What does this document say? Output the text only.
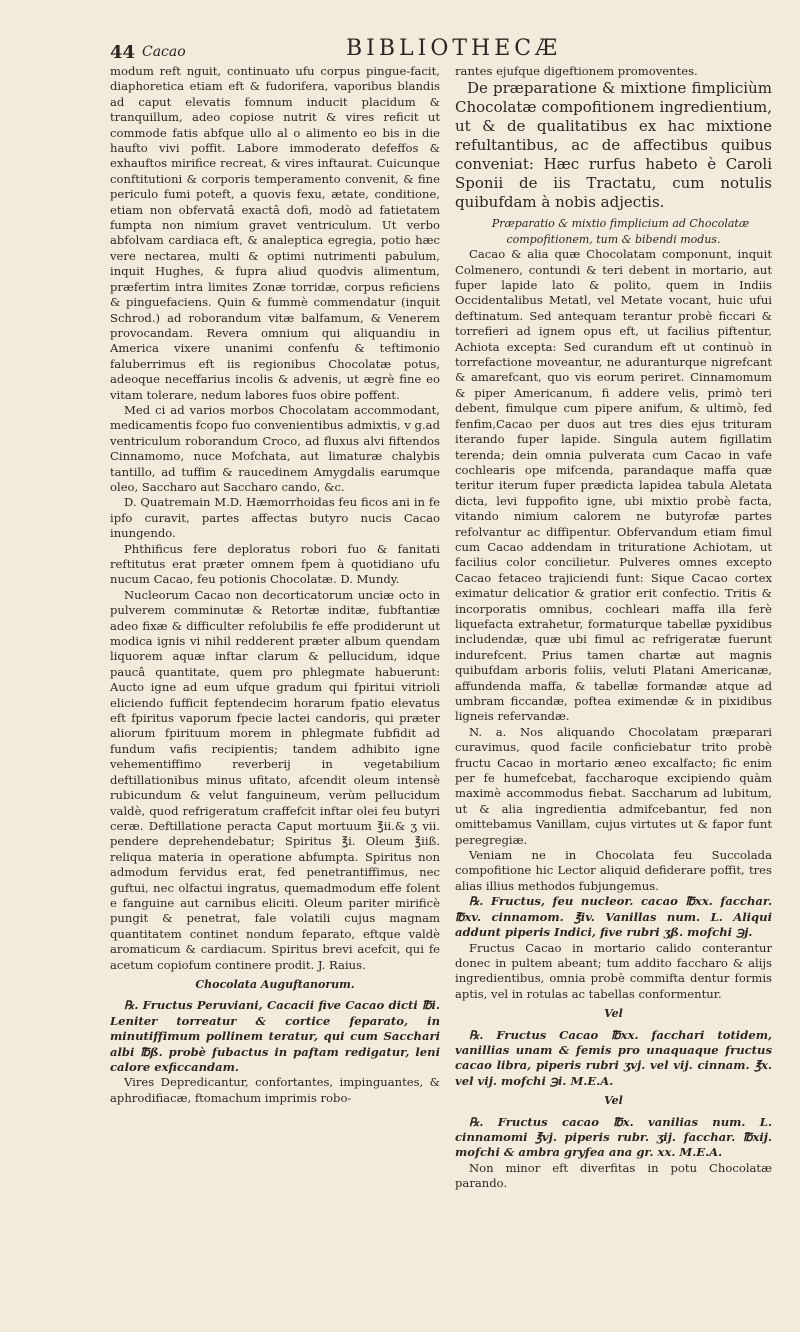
44 Cacao	BIBLIOTHECÆ

modum reft nguit, continuato ufu corpus pingue-facit, diaphoretica etiam eft & fudorifera, vaporibus blandis ad caput elevatis fomnum inducit placidum & tranquillum, adeo copiose nutrit & vires reficit ut commode fatis abfque ullo al o alimento eo bis in die haufto vivi poffit. Labore immoderato defeffos & exhauftos mirifice recreat, & vires inftaurat. Cuicunque conftitutioni & corporis temperamento convenit, & fine periculo fumi poteft, a quovis fexu, ætate, conditione, etiam non obfervatâ exactâ dofi, modò ad fatietatem fumpta non nimium gravet ventriculum. Ut verbo abfolvam cardiaca eft, & analeptica egregia, potio hæc vere nectarea, multi & optimi nutrimenti pabulum, inquit Hughes, & fupra aliud quodvis alimentum, præfertim intra limites Zonæ torridæ, corpus reficiens & pinguefaciens. Quin & fummè commendatur (inquit Schrod.) ad roborandum vitæ balfamum, & Venerem provocandam. Revera omnium qui aliquandiu in America vixere unanimi confenfu & teftimonio faluberrimus eft iis regionibus Chocolatæ potus, adeoque neceffarius incolis & advenis, ut ægrè fine eo vitam tolerare, nedum labores fuos obire poffent.

Med ci ad varios morbos Chocolatam accommodant, medicamentis fcopo fuo convenientibus admixtis, v g.ad ventriculum roborandum Croco, ad fluxus alvi fiftendos Cinnamomo, nuce Mofchata, aut limaturæ chalybis tantillo, ad tuffim & raucedinem Amygdalis earumque oleo, Saccharo aut Saccharo cando, &c.

D. Quatremain M.D. Hæmorrhoidas feu ficos ani in fe ipfo curavit, partes affectas butyro nucis Cacao inungendo.

Phthificus fere deploratus robori fuo & fanitati reftitutus erat præter omnem fpem à quotidiano ufu nucum Cacao, feu potionis Chocolatæ. D. Mundy.

Nucleorum Cacao non decorticatorum unciæ octo in pulverem comminutæ & Retortæ inditæ, fubftantiæ adeo fixæ & difficulter refolubilis fe effe prodiderunt ut modica ignis vi nihil redderent præter album quendam liquorem aquæ inftar clarum & pellucidum, idque paucâ quantitate, quem pro phlegmate habuerunt: Aucto igne ad eum ufque gradum qui fpiritui vitrioli eliciendo fufficit feptendecim horarum fpatio elevatus eft fpiritus vaporum fpecie lactei candoris, qui præter aliorum fpirituum morem in phlegmate fubfidit ad fundum vafis recipientis; tandem adhibito igne vehementiffimo reverberij in vegetabilium deftillationibus minus ufitato, afcendit oleum intensè rubicundum & velut fanguineum, verùm pellucidum valdè, quod refrigeratum craffefcit inftar olei feu butyri ceræ. Deftillatione peracta Caput mortuum ℥ii.& ʒ vii. pendere deprehendebatur; Spiritus ℥i. Oleum ℥iiß. reliqua materia in operatione abfumpta. Spiritus non admodum fervidus erat, fed penetrantiffimus, nec guftui, nec olfactui ingratus, quemadmodum effe folent e fanguine aut carnibus eliciti. Oleum pariter mirificè pungit & penetrat, fale volatili cujus magnam quantitatem continet nondum feparato, eftque valdè aromaticum & cardiacum. Spiritus brevi acefcit, qui fe acetum copiofum continere prodit. J. Raius.

Chocolata Auguftanorum.

℞. Fructus Peruviani, Cacacii five Cacao dicti ℔i. Leniter torreatur & cortice feparato, in minutiffimum pollinem teratur, qui cum Sacchari albi ℔ß. probè fubactus in paftam redigatur, leni calore exficcandam.

Vires Depredicantur, confortantes, impinguantes, & aphrodifiacæ, ftomachum imprimis robo-

rantes ejufque digeftionem promoventes.

De præparatione & mixtione fimpliciùm Chocolatæ compofitionem ingredientium, ut & de qualitatibus ex hac mixtione refultantibus, ac de affectibus quibus conveniat: Hæc rurfus habeto è Caroli Sponii de iis Tractatu, cum notulis quibufdam à nobis adjectis.

Præparatio & mixtio fimplicium ad Chocolatæ compofitionem, tum & bibendi modus.

Cacao & alia quæ Chocolatam componunt, inquit Colmenero, contundi & teri debent in mortario, aut fuper lapide lato & polito, quem in Indiis Occidentalibus Metatl, vel Metate vocant, huic ufui deftinatum. Sed antequam terantur probè ficcari & torrefieri ad ignem opus eft, ut facilius piftentur, Achiota excepta: Sed curandum eft ut continuò in torrefactione moveantur, ne aduranturque nigrefcant & amarefcant, quo vis eorum periret. Cinnamomum & piper Americanum, fi addere velis, primò teri debent, fimulque cum pipere anifum, & ultimò, fed fenfim,Cacao per duos aut tres dies ejus trituram iterando fuper lapide. Singula autem figillatim terenda; dein omnia pulverata cum Cacao in vafe cochlearis ope mifcenda, parandaque maffa quæ teritur iterum fuper prædicta lapidea tabula Aletata dicta, levi fuppofito igne, ubi mixtio probè facta, vitando nimium calorem ne butyrofæ partes refolvantur ac diffipentur. Obfervandum etiam fimul cum Cacao addendam in trituratione Achiotam, ut facilius color concilietur. Pulveres omnes excepto Cacao fetaceo trajiciendi funt: Sique Cacao cortex eximatur delicatior & gratior erit confectio. Tritis & incorporatis omnibus, cochleari maffa illa ferè liquefacta extrahetur, formaturque tabellæ pyxidibus includendæ, quæ ubi fimul ac refrigeratæ fuerunt indurefcent. Prius tamen chartæ aut magnis quibufdam arboris foliis, veluti Platani Americanæ, affundenda maffa, & tabellæ formandæ atque ad umbram ficcandæ, poftea eximendæ & in pixidibus ligneis refervandæ.

N. a. Nos aliquando Chocolatam præparari curavimus, quod facile conficiebatur trito probè fructu Cacao in mortario æneo excalfacto; fic enim per fe humefcebat, faccharoque excipiendo quàm maximè accommodus fiebat. Saccharum ad lubitum, ut & alia ingredientia admifcebantur, fed non omittebamus Vanillam, cujus virtutes ut & fapor funt peregregiæ.

Veniam ne in Chocolata feu Succolada compofitione hic Lector aliquid defiderare poffit, tres alias illius methodos fubjungemus.

℞. Fructus, feu nucleor. cacao ℔xx. facchar. ℔xv. cinnamom. ℥iv. Vanillas num. L. Aliqui addunt piperis Indici, five rubri ʒß. mofchi ℈j.

Fructus Cacao in mortario calido conterantur donec in pultem abeant; tum addito faccharo & alijs ingredientibus, omnia probè commifta dentur formis aptis, vel in rotulas ac tabellas conformentur.

Vel

℞. Fructus Cacao ℔xx. facchari totidem, vanillias unam & femis pro unaquaque fructus cacao libra, piperis rubri ʒvj. vel vij. cinnam. ℥x. vel vij. mofchi ℈i. M.E.A.

Vel

℞. Fructus cacao ℔x. vanilias num. L. cinnamomi ℥vj. piperis rubr. ʒij. facchar. ℔xij. mofchi & ambra gryfea ana gr. xx. M.E.A.

Non minor eft diverfitas in potu Chocolatæ parando.
